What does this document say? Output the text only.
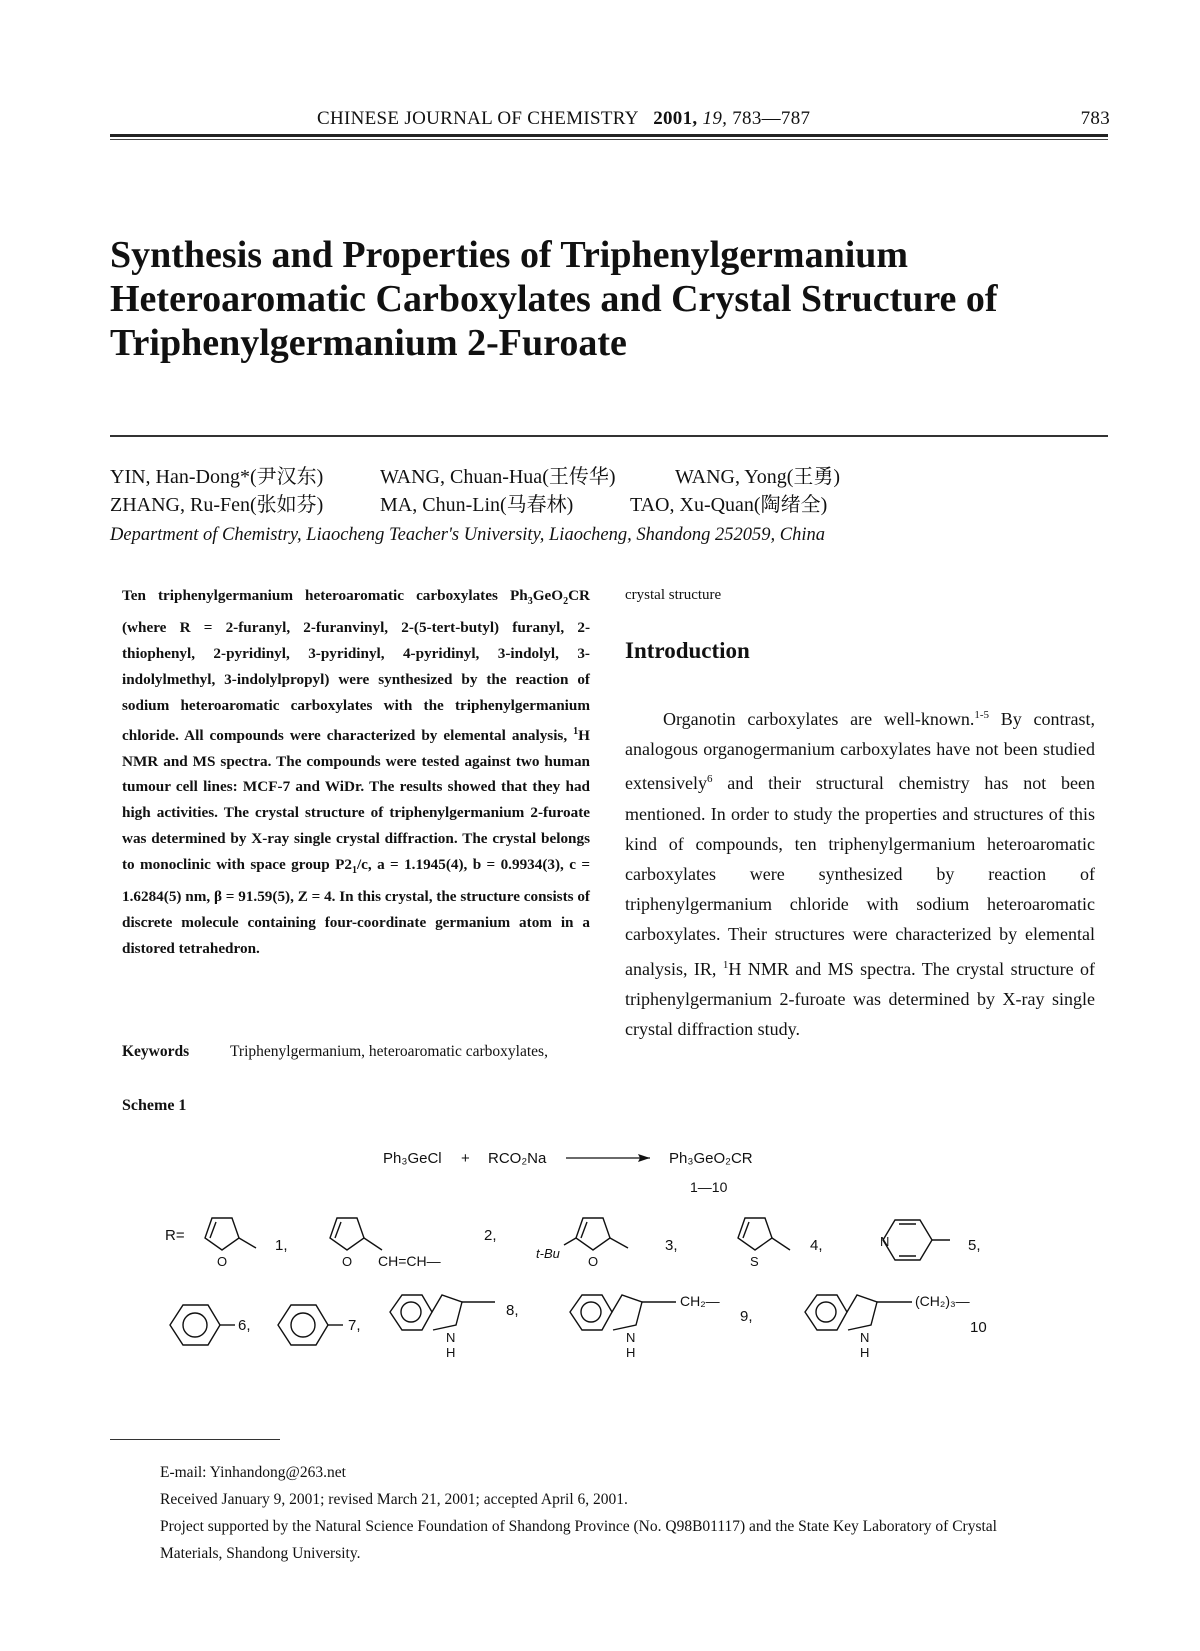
CHINESE JOURNAL OF CHEMISTRY 2001, 19, 783—787	783
Synthesis and Properties of Triphenylgermanium Heteroaromatic Carboxylates and Crystal Structure of Triphenylgermanium 2-Furoate
YIN, Han-Dong*(尹汉东)	WANG, Chuan-Hua(王传华)	WANG, Yong(王勇)
ZHANG, Ru-Fen(张如芬)	MA, Chun-Lin(马春林)	TAO, Xu-Quan(陶绪全)
Department of Chemistry, Liaocheng Teacher's University, Liaocheng, Shandong 252059, China
Ten triphenylgermanium heteroaromatic carboxylates $Ph_3GeO_2CR$ (where R = 2-furanyl, 2-furanvinyl, 2-(5-tert-butyl) furanyl, 2-thiophenyl, 2-pyridinyl, 3-pyridinyl, 4-pyridinyl, 3-indolyl, 3-indolylmethyl, 3-indolylpropyl) were synthesized by the reaction of sodium heteroaromatic carboxylates with the triphenylgermanium chloride. All compounds were characterized by elemental analysis, $^1$H NMR and MS spectra. The compounds were tested against two human tumour cell lines: MCF-7 and WiDr. The results showed that they had high activities. The crystal structure of triphenylgermanium 2-furoate was determined by X-ray single crystal diffraction. The crystal belongs to monoclinic with space group $P2_1/c$, a = 1.1945(4), b = 0.9934(3), c = 1.6284(5) nm, β = 91.59(5), Z = 4. In this crystal, the structure consists of discrete molecule containing four-coordinate germanium atom in a distored tetrahedron.
Keywords	Triphenylgermanium, heteroaromatic carboxylates,
crystal structure
Introduction
Organotin carboxylates are well-known.$^{1-5}$ By contrast, analogous organogermanium carboxylates have not been studied extensively$^6$ and their structural chemistry has not been mentioned. In order to study the properties and structures of this kind of compounds, ten triphenylgermanium heteroaromatic carboxylates were synthesized by reaction of triphenylgermanium chloride with sodium heteroaromatic carboxylates. Their structures were characterized by elemental analysis, IR, $^1$H NMR and MS spectra. The crystal structure of triphenylgermanium 2-furoate was determined by X-ray single crystal diffraction study.
Scheme 1
Ph₃GeCl + RCO₂Na	Ph₃GeO₂CR
1—10
R=
O
1,
O CH=CH—
2,
t-Bu
O
3,
S
4,	N	5,
6,	7,
N
H
8,
N
H
CH₂—
9,
N
H
(CH₂)₃—
10
E-mail: Yinhandong@263.net
Received January 9, 2001; revised March 21, 2001; accepted April 6, 2001.
Project supported by the Natural Science Foundation of Shandong Province (No. Q98B01117) and the State Key Laboratory of Crystal
Materials, Shandong University.
